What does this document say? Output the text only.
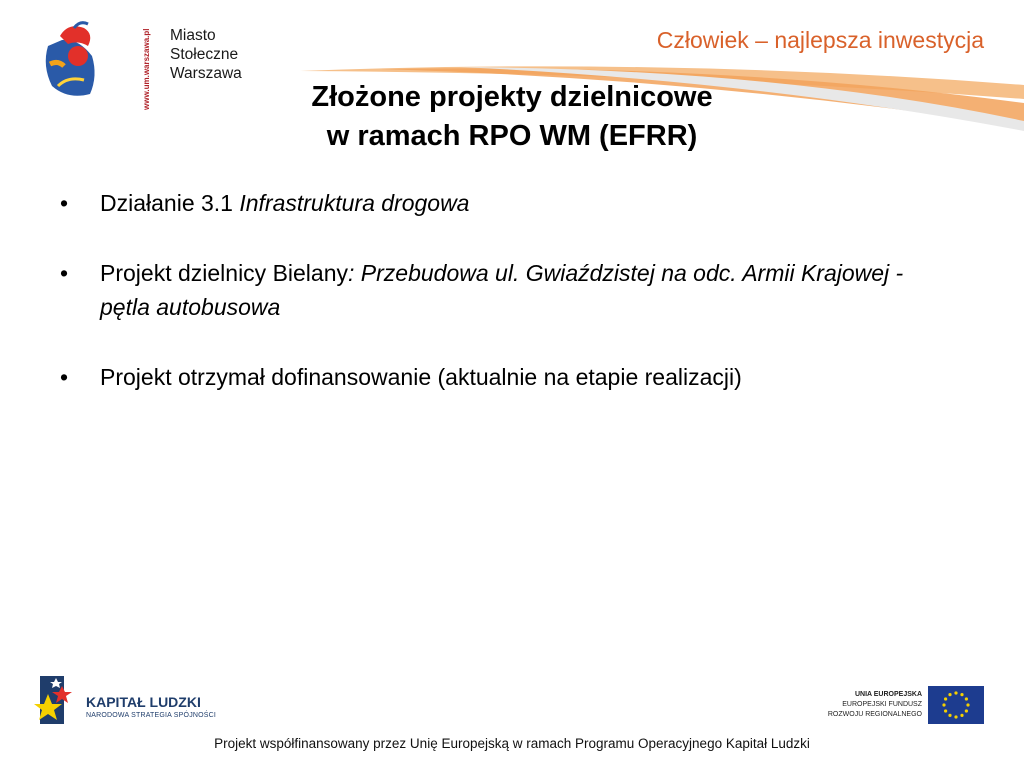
www.um.warszawa.pl Miasto
Stołeczne
Warszawa
Człowiek – najlepsza inwestycja
Złożone projekty dzielnicowe
w ramach RPO WM (EFRR)
• Działanie 3.1 Infrastruktura drogowa
• Projekt dzielnicy Bielany: Przebudowa ul. Gwiaździstej na odc. Armii Krajowej - pętla autobusowa
• Projekt otrzymał dofinansowanie (aktualnie na etapie realizacji)
KAPITAŁ LUDZKI
NARODOWA STRATEGIA SPÓJNOŚCI
UNIA EUROPEJSKA
EUROPEJSKI FUNDUSZ
ROZWOJU REGIONALNEGO
Projekt współfinansowany przez Unię Europejską w ramach Programu Operacyjnego Kapitał Ludzki
